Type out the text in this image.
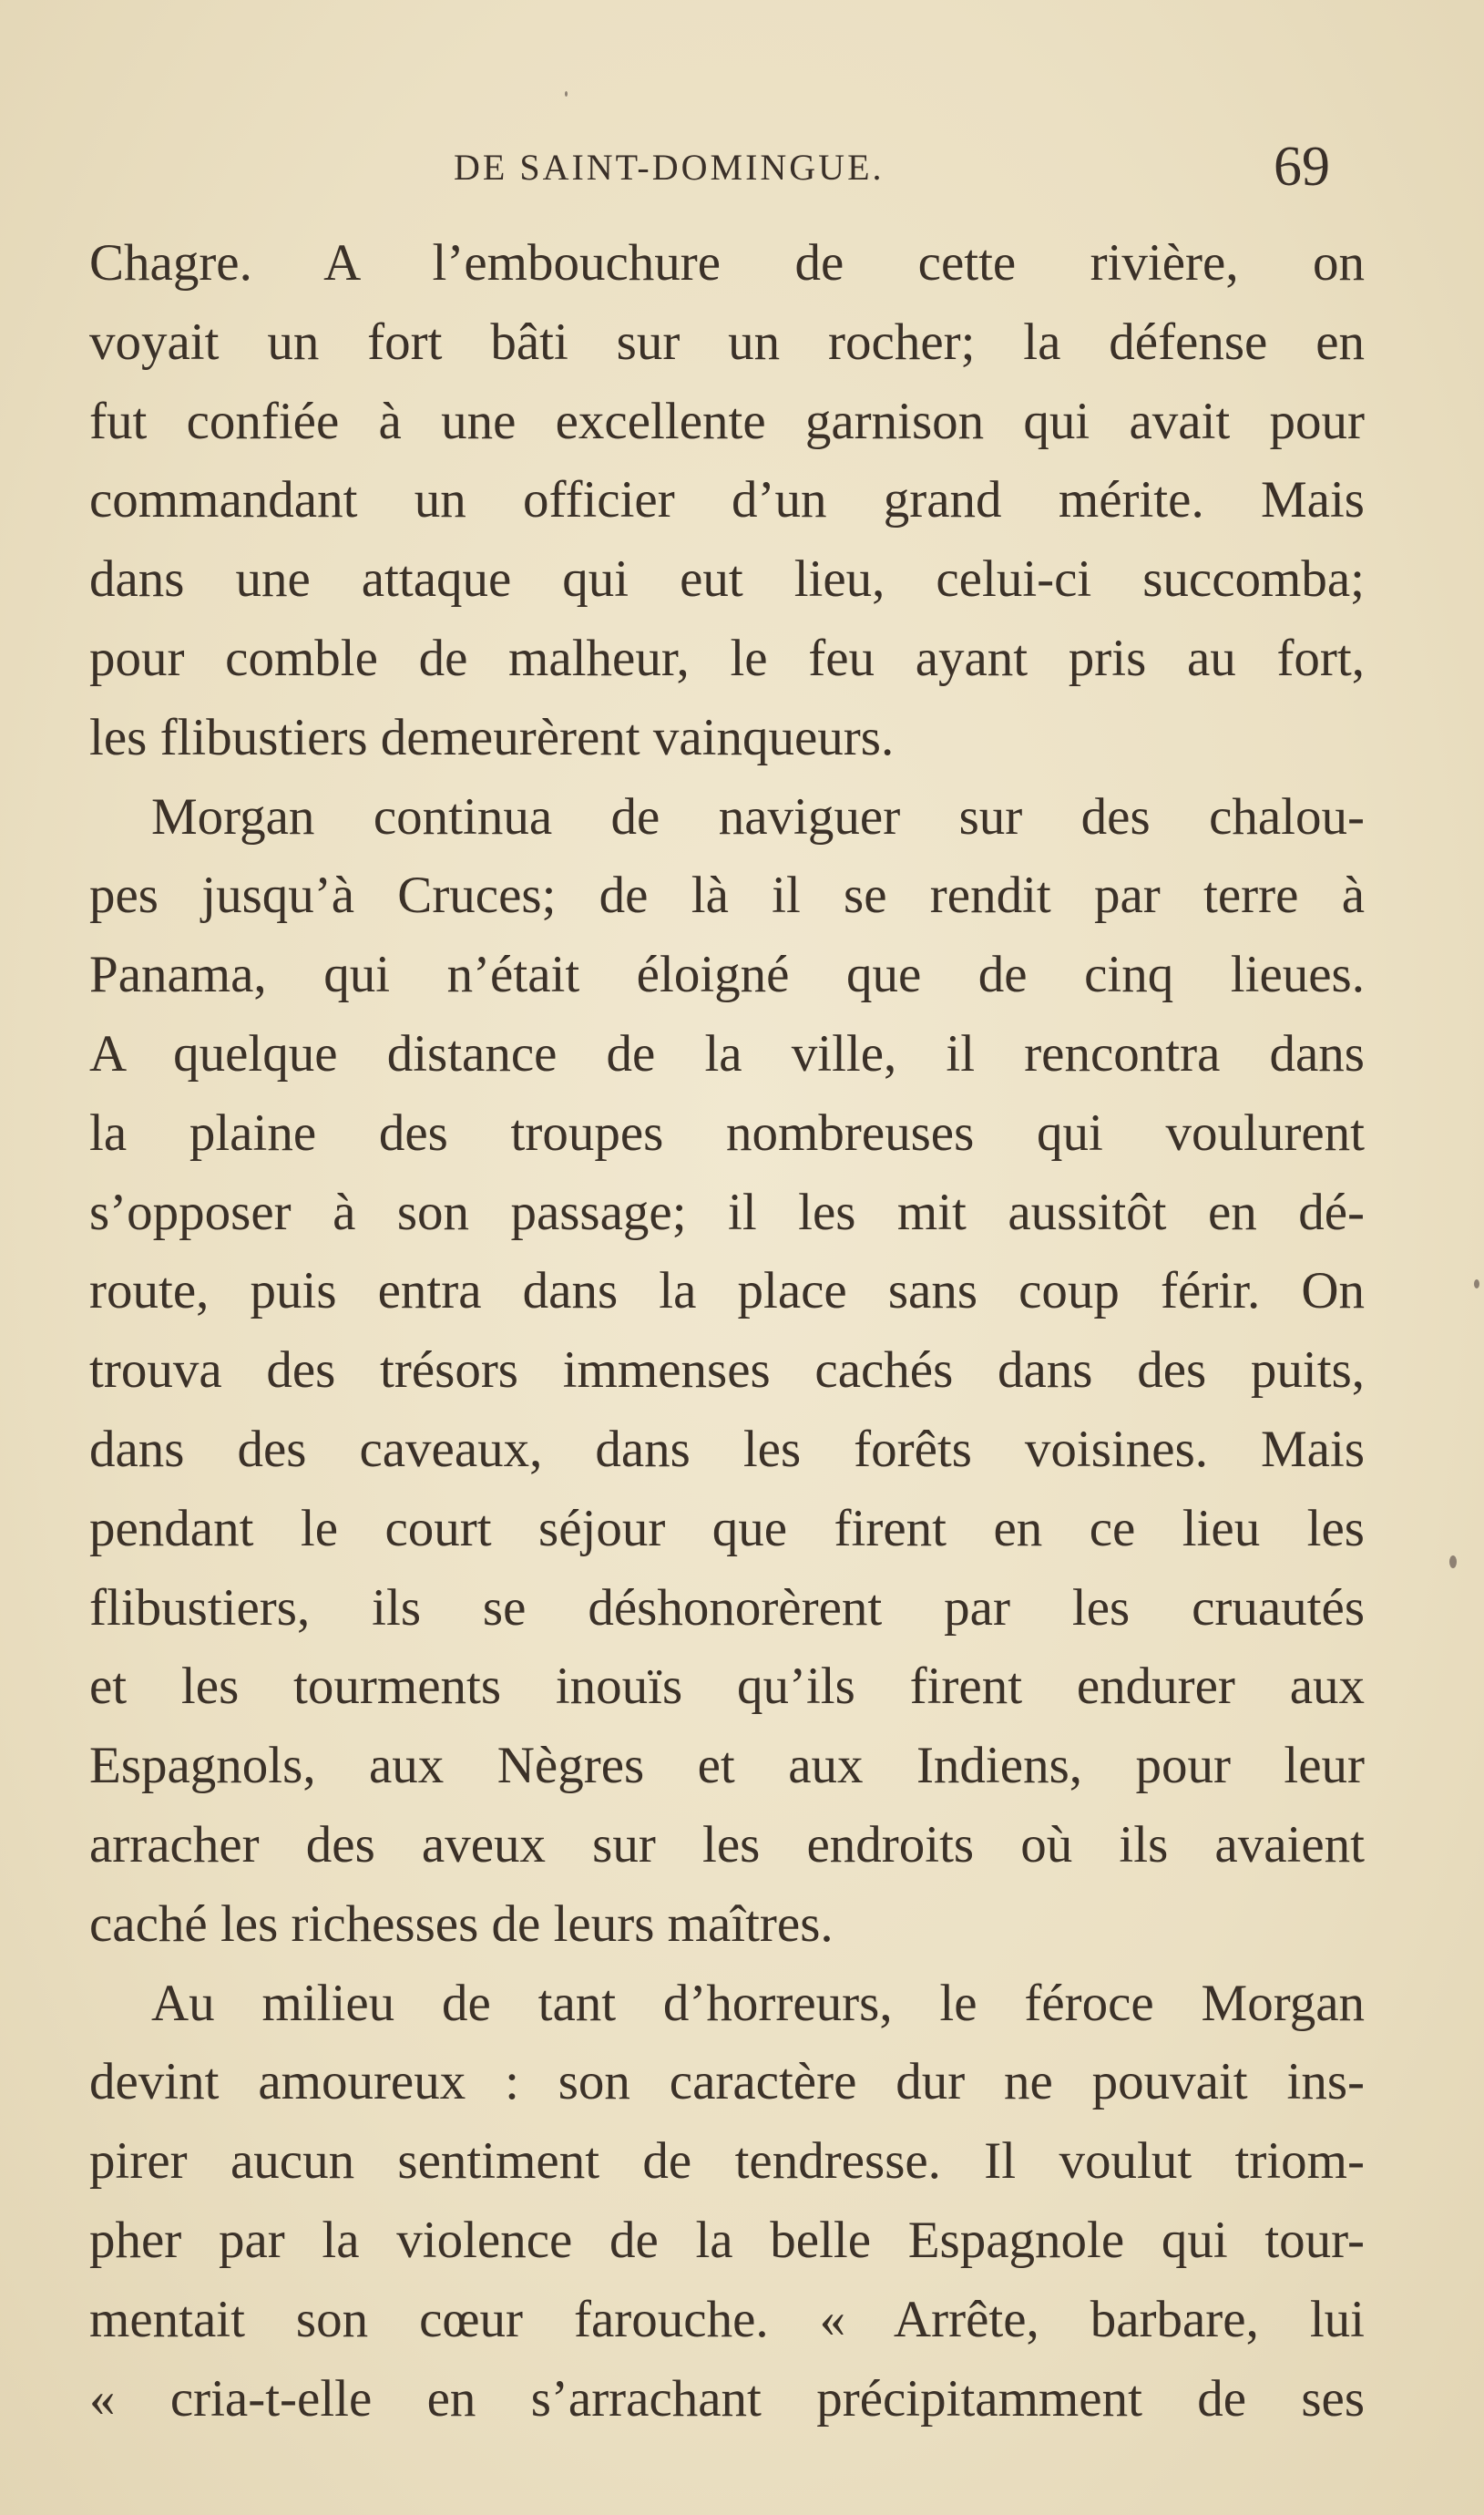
DE SAINT-DOMINGUE.	69
Chagre. A l’embouchure de cette rivière, on
voyait un fort bâti sur un rocher; la défense en
fut confiée à une excellente garnison qui avait pour
commandant un officier d’un grand mérite. Mais
dans une attaque qui eut lieu, celui-ci succomba;
pour comble de malheur, le feu ayant pris au fort,
les flibustiers demeurèrent vainqueurs.
Morgan continua de naviguer sur des chalou-
pes jusqu’à Cruces; de là il se rendit par terre à
Panama, qui n’était éloigné que de cinq lieues.
A quelque distance de la ville, il rencontra dans
la plaine des troupes nombreuses qui voulurent
s’opposer à son passage; il les mit aussitôt en dé-
route, puis entra dans la place sans coup férir. On
trouva des trésors immenses cachés dans des puits,
dans des caveaux, dans les forêts voisines. Mais
pendant le court séjour que firent en ce lieu les
flibustiers, ils se déshonorèrent par les cruautés
et les tourments inouïs qu’ils firent endurer aux
Espagnols, aux Nègres et aux Indiens, pour leur
arracher des aveux sur les endroits où ils avaient
caché les richesses de leurs maîtres.
Au milieu de tant d’horreurs, le féroce Morgan
devint amoureux : son caractère dur ne pouvait ins-
pirer aucun sentiment de tendresse. Il voulut triom-
pher par la violence de la belle Espagnole qui tour-
mentait son cœur farouche. « Arrête, barbare, lui
« cria-t-elle en s’arrachant précipitamment de ses
